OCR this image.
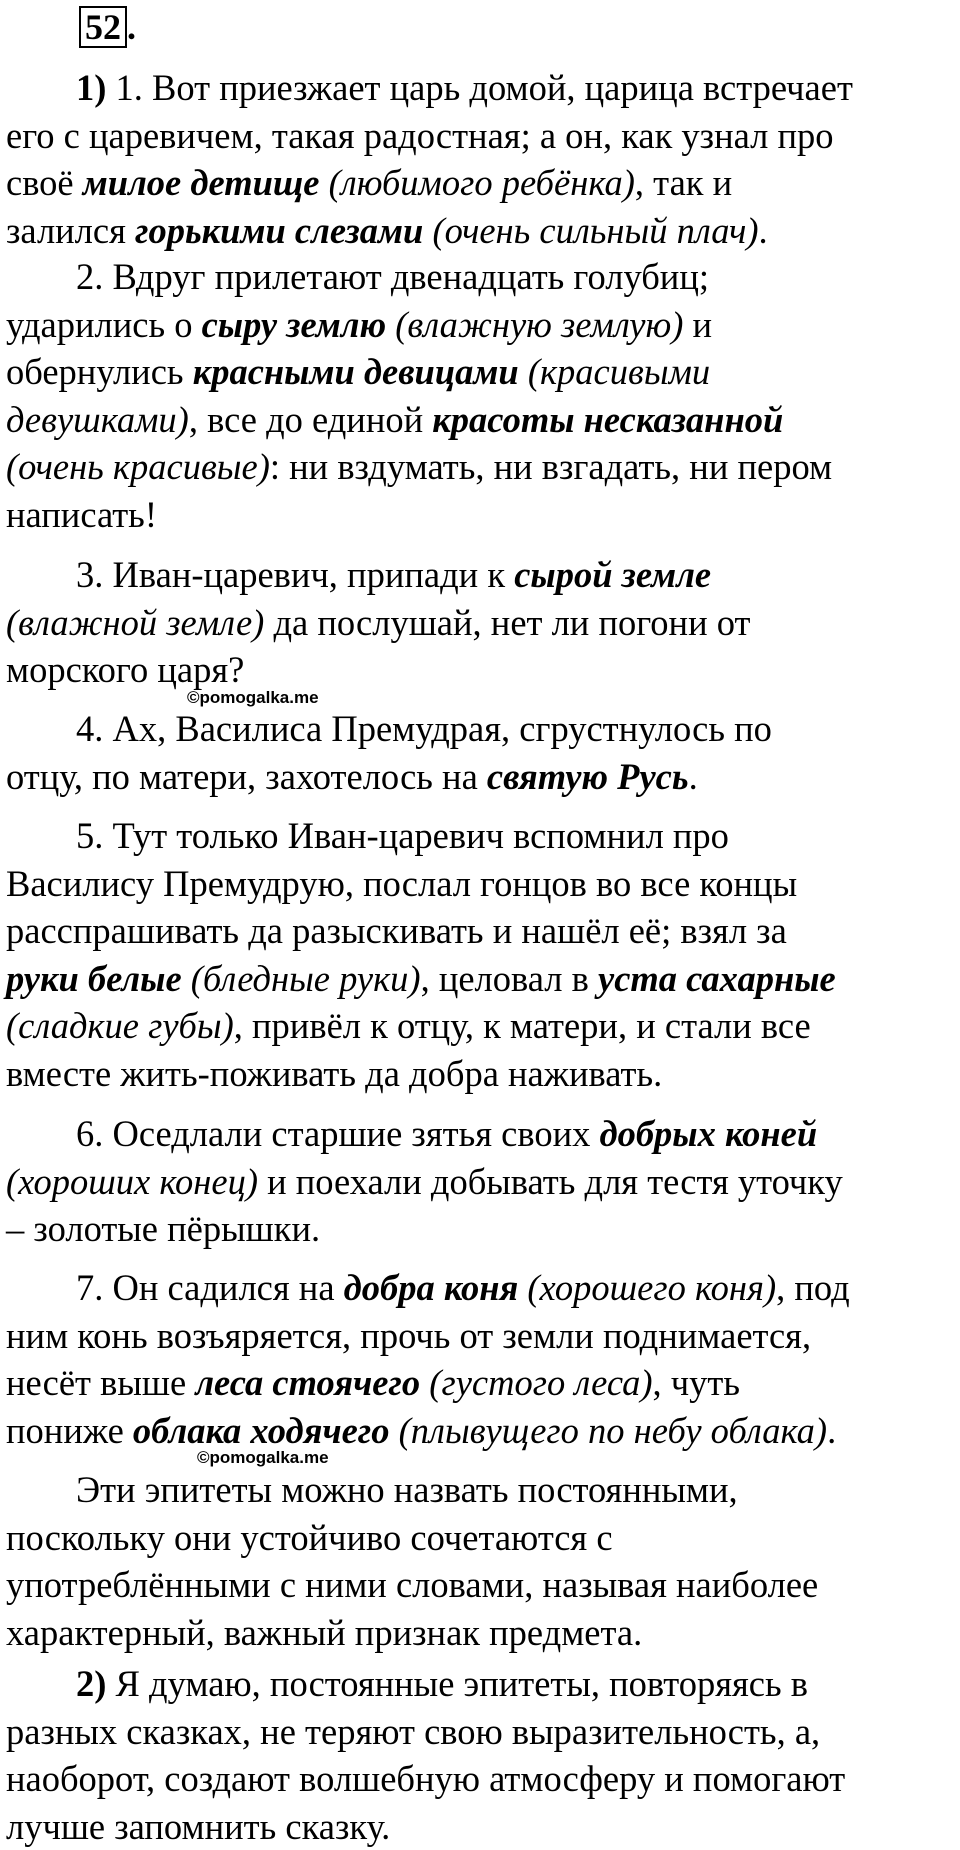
52 .
1) 1. Вот приезжает царь домой, царица встречает
его с царевичем, такая радостная; а он, как узнал про
своё милое детище (любимого ребёнка), так и
залился горькими слезами (очень сильный плач).
2. Вдруг прилетают двенадцать голубиц;
ударились о сыру землю (влажную землую) и
обернулись красными девицами (красивыми
девушками), все до единой красоты несказанной
(очень красивые): ни вздумать, ни взгадать, ни пером
написать!
3. Иван-царевич, припади к сырой земле
(влажной земле) да послушай, нет ли погони от
морского царя?
©pomogalka.me
4. Ах, Василиса Премудрая, сгрустнулось по
отцу, по матери, захотелось на святую Русь.
5. Тут только Иван-царевич вспомнил про
Василису Премудрую, послал гонцов во все концы
расспрашивать да разыскивать и нашёл её; взял за
руки белые (бледные руки), целовал в уста сахарные
(сладкие губы), привёл к отцу, к матери, и стали все
вместе жить-поживать да добра наживать.
6. Оседлали старшие зятья своих добрых коней
(хороших конец) и поехали добывать для тестя уточку
– золотые пёрышки.
7. Он садился на добра коня (хорошего коня), под
ним конь возъяряется, прочь от земли поднимается,
несёт выше леса стоячего (густого леса), чуть
пониже облака ходячего (плывущего по небу облака).
©pomogalka.me
Эти эпитеты можно назвать постоянными,
поскольку они устойчиво сочетаются с
употреблёнными с ними словами, называя наиболее
характерный, важный признак предмета.
2) Я думаю, постоянные эпитеты, повторяясь в
разных сказках, не теряют свою выразительность, а,
наоборот, создают волшебную атмосферу и помогают
лучше запомнить сказку.
